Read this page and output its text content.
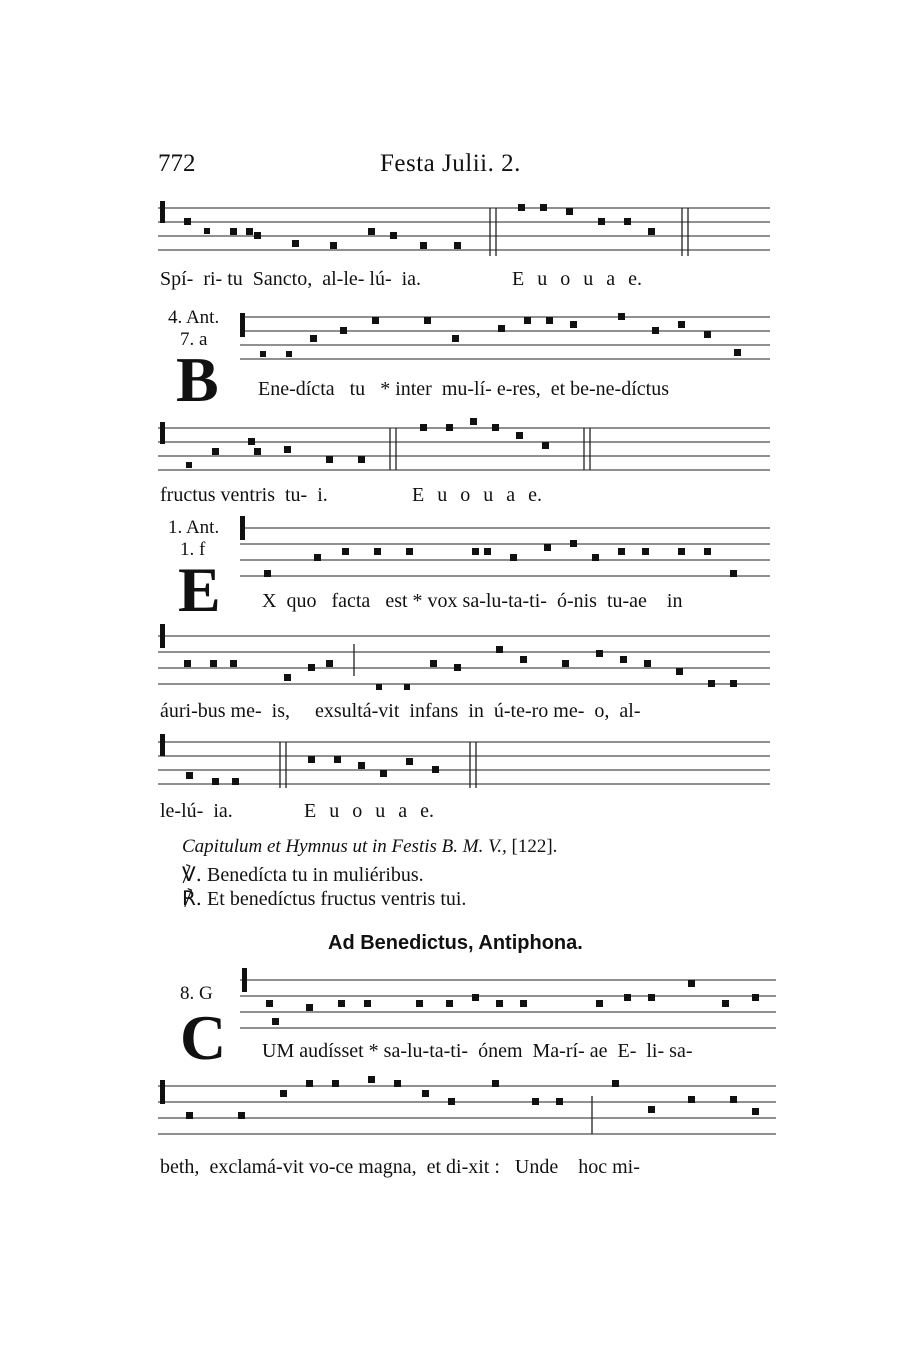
772	Festa Julii. 2.
Spí- ri- tu Sancto, al-le- lú- ia.	E u o u a e.
4. Ant.
7. a
B Ene-dícta tu * inter mu-lí- e-res, et be-ne-díctus
fructus ventris tu- i.	E u o u a e.
1. Ant.
1. f
E X quo facta est * vox sa-lu-ta-ti- ó-nis tu-ae in
áuri-bus me- is, exsultá-vit infans in ú-te-ro me- o, al-
le-lú- ia.	E u o u a e.
Capitulum et Hymnus ut in Festis B. M. V., [122].
℣. Benedícta tu in muliéribus.
℟. Et benedíctus fructus ventris tui.
Ad Benedictus, Antiphona.
8. G
C UM audísset * sa-lu-ta-ti- ónem Ma-rí- ae E- li- sa-
beth, exclamá-vit vo-ce magna, et di-xit : Unde hoc mi-
